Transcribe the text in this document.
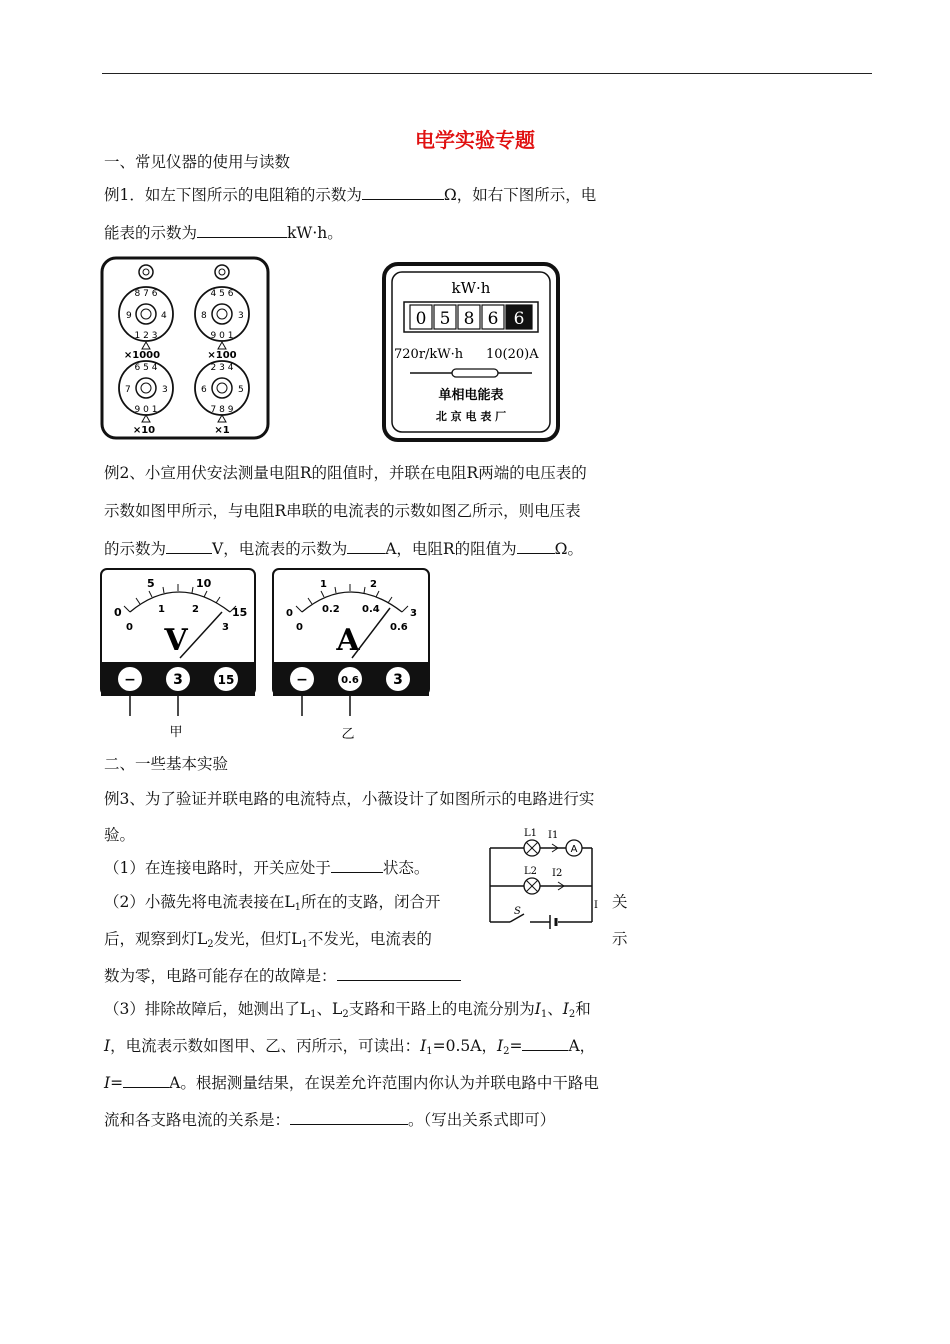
电学实验专题
一、常见仪器的使用与读数
例1．如左下图所示的电阻箱的示数为	Ω，如右下图所示，电
能表的示数为	kW·h。
1 2 3
8 7 6
9	4
9 0 1
4 5 6
8	3
×1000	×100
9 0 1
6 5 4
7	3
7 8 9
2 3 4
6	5
×10	×1
kW·h
0 5 8 6 6
720r/kW·h 10(20)A
单相电能表
北 京 电 表 厂
例2、小宣用伏安法测量电阻R的阻值时，并联在电阻R两端的电压表的
示数如图甲所示，与电阻R串联的电流表的示数如图乙所示，则电压表
的示数为	V，电流表的示数为 A，电阻R的阻值为 Ω。
0
5	10
15
0
1	2
3
V
−	3	15
甲
0
1	2
3
0
0.2 0.4
0.6
A
−	0.6 3
乙
二、一些基本实验
例3、为了验证并联电路的电流特点，小薇设计了如图所示的电路进行实
验。
（1）在连接电路时，开关应处于	状态。
（2）小薇先将电流表接在$L_1$所在的支路，闭合开	关
后，观察到灯$L_2$发光，但灯$L_1$不发光，电流表的	示
数为零，电路可能存在的故障是：
A
L1 I1
L2 I2
S
I
（3）排除故障后，她测出了$L_1$、$L_2$支路和干路上的电流分别为$I_1$、$I_2$和
I，电流表示数如图甲、乙、丙所示，可读出：$I_1=0.5A$，$I_2=$	A，
I=	A。根据测量结果，在误差允许范围内你认为并联电路中干路电
流和各支路电流的关系是：	。（写出关系式即可）
